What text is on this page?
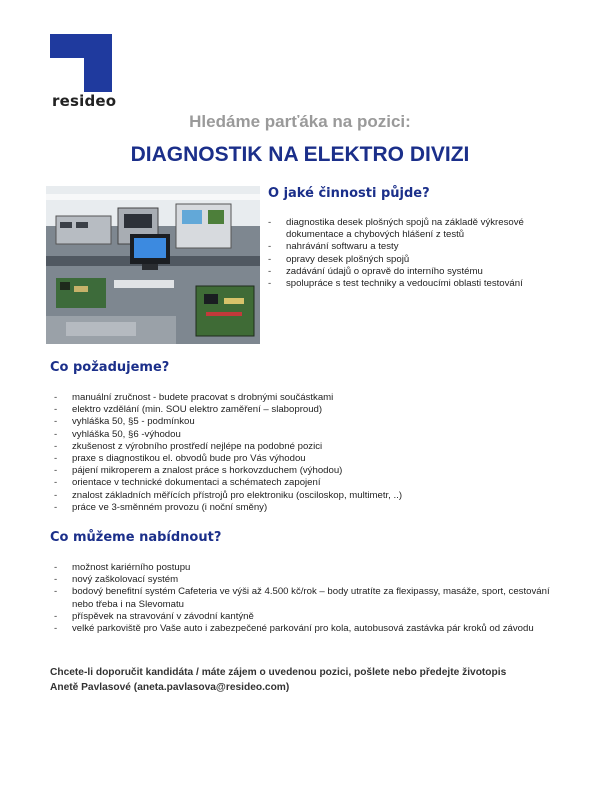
resideo
Hledáme parťáka na pozici:
DIAGNOSTIK NA ELEKTRO DIVIZI
O jaké činnosti půjde?
- diagnostika desek plošných spojů na základě výkresové dokumentace a chybových hlášení z testů
- nahrávání softwaru a testy
- opravy desek plošných spojů
- zadávání údajů o opravě do interního systému
- spolupráce s test techniky a vedoucími oblasti testování
Co požadujeme?
- manuální zručnost - budete pracovat s drobnými součástkami
- elektro vzdělání (min. SOU elektro zaměření – slaboproud)
- vyhláška 50, §5 - podmínkou
- vyhláška 50, §6 -výhodou
- zkušenost z výrobního prostředí nejlépe na podobné pozici
- praxe s diagnostikou el. obvodů bude pro Vás výhodou
- pájení mikroperem a znalost práce s horkovzduchem (výhodou)
- orientace v technické dokumentaci a schématech zapojení
- znalost základních měřících přístrojů pro elektroniku (osciloskop, multimetr, ..)
- práce ve 3-směnném provozu (i noční směny)
Co můžeme nabídnout?
- možnost kariérního postupu
- nový zaškolovací systém
- bodový benefitní systém Cafeteria ve výši až 4.500 kč/rok – body utratíte za flexipassy, masáže, sport, cestování nebo třeba i na Slevomatu
- příspěvek na stravování v závodní kantýně
- velké parkoviště pro Vaše auto i zabezpečené parkování pro kola, autobusová zastávka pár kroků od závodu
Chcete-li doporučit kandidáta / máte zájem o uvedenou pozici, pošlete nebo předejte životopis
Anetě Pavlasové (aneta.pavlasova@resideo.com)
